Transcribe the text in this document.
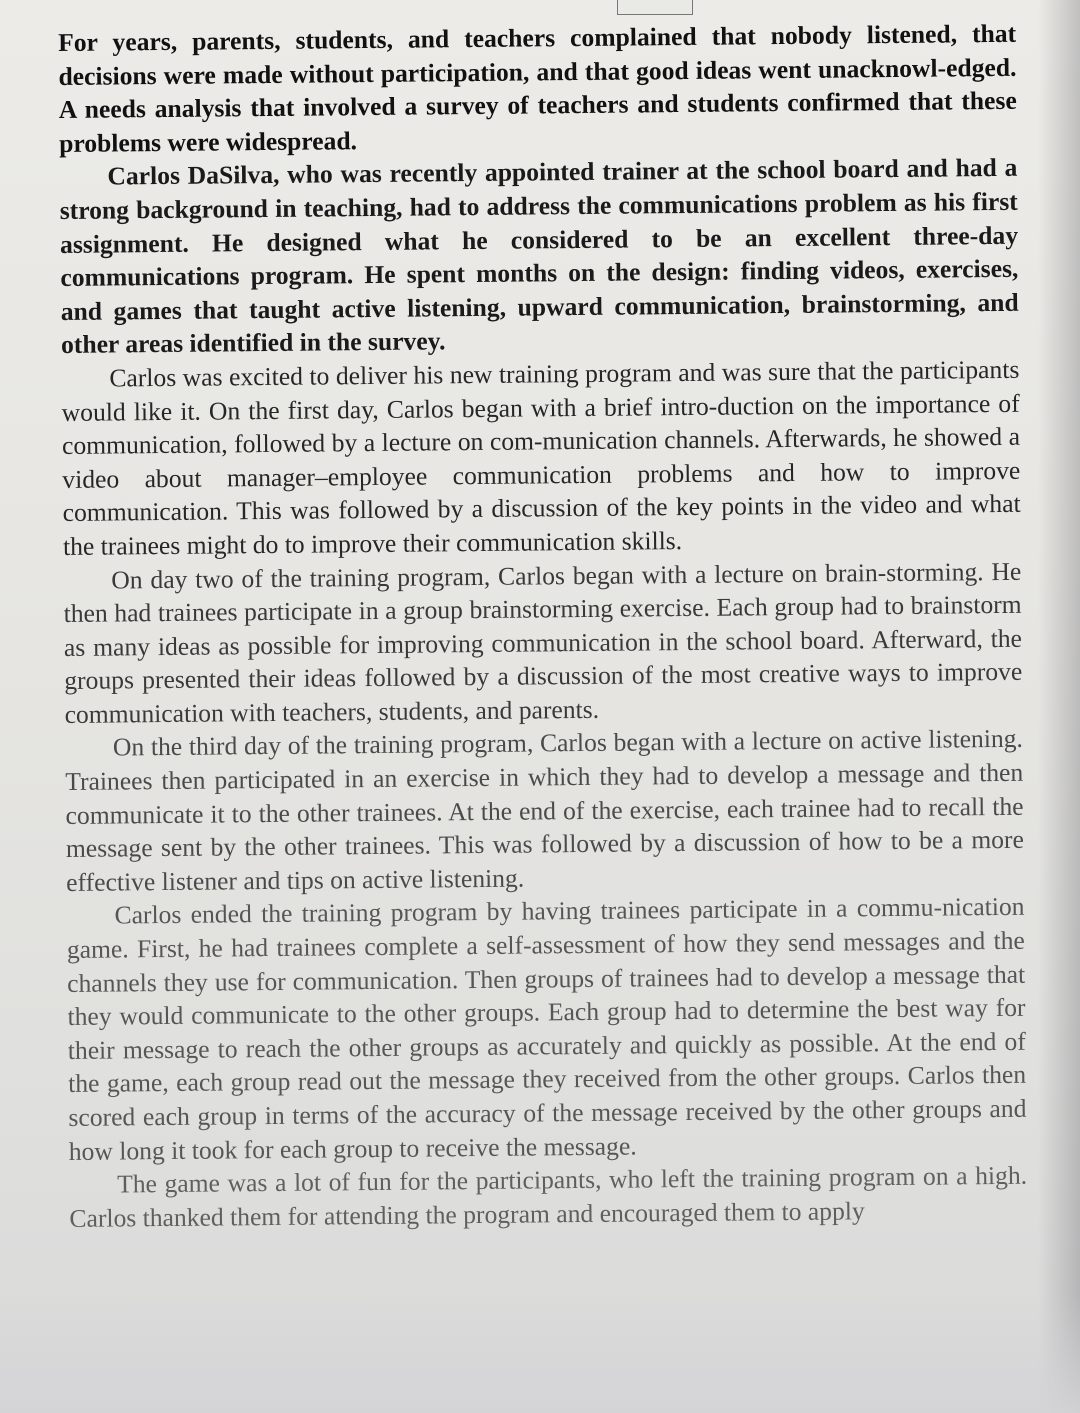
For years, parents, students, and teachers complained that nobody listened, that decisions were made without participation, and that good ideas went unacknowl-edged. A needs analysis that involved a survey of teachers and students confirmed that these problems were widespread.

Carlos DaSilva, who was recently appointed trainer at the school board and had a strong background in teaching, had to address the communications problem as his first assignment. He designed what he considered to be an excellent three-day communications program. He spent months on the design: finding videos, exercises, and games that taught active listening, upward communication, brainstorming, and other areas identified in the survey.

Carlos was excited to deliver his new training program and was sure that the participants would like it. On the first day, Carlos began with a brief intro-duction on the importance of communication, followed by a lecture on com-munication channels. Afterwards, he showed a video about manager–employee communication problems and how to improve communication. This was followed by a discussion of the key points in the video and what the trainees might do to improve their communication skills.

On day two of the training program, Carlos began with a lecture on brain-storming. He then had trainees participate in a group brainstorming exercise. Each group had to brainstorm as many ideas as possible for improving communication in the school board. Afterward, the groups presented their ideas followed by a discussion of the most creative ways to improve communication with teachers, students, and parents.

On the third day of the training program, Carlos began with a lecture on active listening. Trainees then participated in an exercise in which they had to develop a message and then communicate it to the other trainees. At the end of the exercise, each trainee had to recall the message sent by the other trainees. This was followed by a discussion of how to be a more effective listener and tips on active listening.

Carlos ended the training program by having trainees participate in a commu-nication game. First, he had trainees complete a self-assessment of how they send messages and the channels they use for communication. Then groups of trainees had to develop a message that they would communicate to the other groups. Each group had to determine the best way for their message to reach the other groups as accurately and quickly as possible. At the end of the game, each group read out the message they received from the other groups. Carlos then scored each group in terms of the accuracy of the message received by the other groups and how long it took for each group to receive the message.

The game was a lot of fun for the participants, who left the training program on a high. Carlos thanked them for attending the program and encouraged them to apply
